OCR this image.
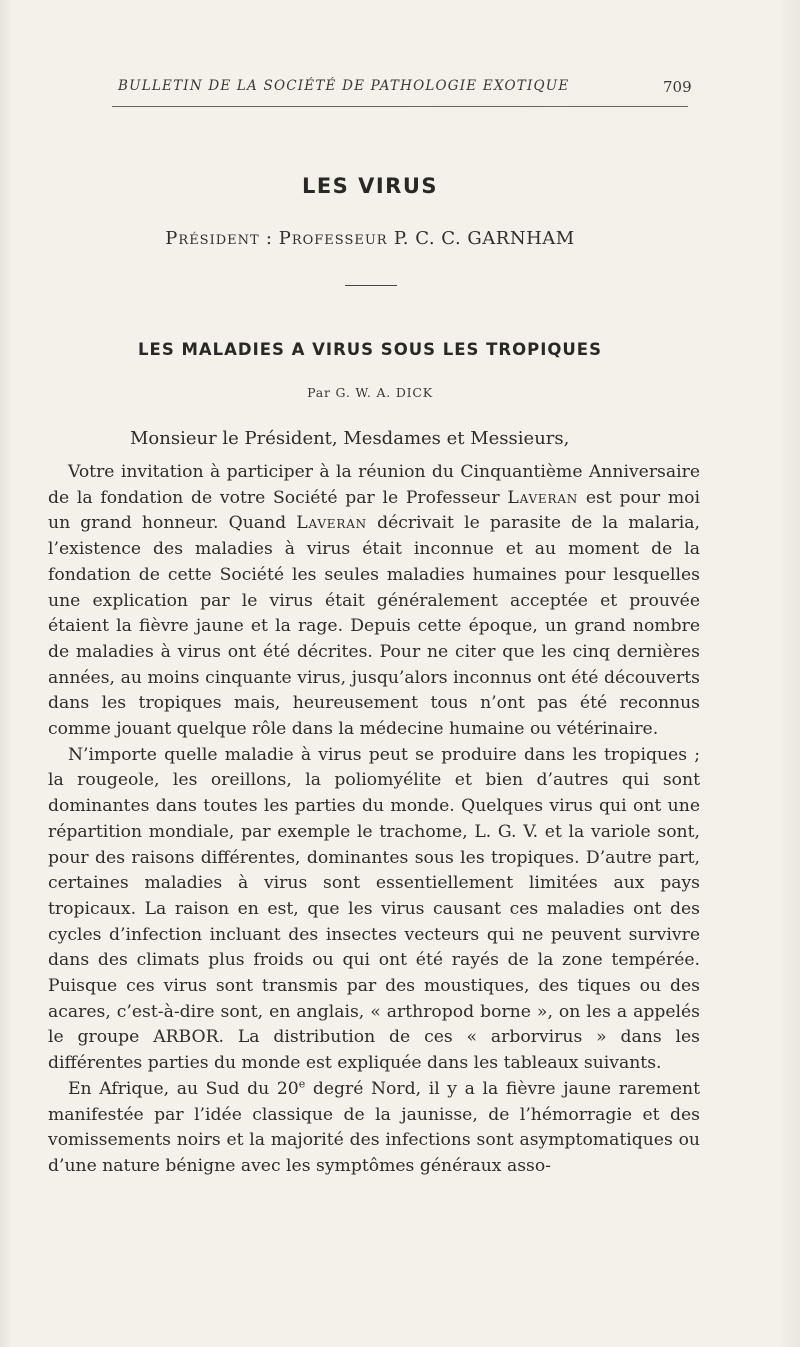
BULLETIN DE LA SOCIÉTÉ DE PATHOLOGIE EXOTIQUE	709
LES VIRUS
Président : Professeur P. C. C. GARNHAM
LES MALADIES A VIRUS SOUS LES TROPIQUES
Par G. W. A. DICK
Monsieur le Président, Mesdames et Messieurs,

Votre invitation à participer à la réunion du Cinquantième Anniversaire de la fondation de votre Société par le Professeur Laveran est pour moi un grand honneur. Quand Laveran décrivait le parasite de la malaria, l’existence des maladies à virus était inconnue et au moment de la fondation de cette Société les seules maladies humaines pour lesquelles une explication par le virus était généralement acceptée et prouvée étaient la fièvre jaune et la rage. Depuis cette époque, un grand nombre de maladies à virus ont été décrites. Pour ne citer que les cinq dernières années, au moins cinquante virus, jusqu’alors inconnus ont été découverts dans les tropiques mais, heureusement tous n’ont pas été reconnus comme jouant quelque rôle dans la médecine humaine ou vétérinaire.

N’importe quelle maladie à virus peut se produire dans les tropiques ; la rougeole, les oreillons, la poliomyélite et bien d’autres qui sont dominantes dans toutes les parties du monde. Quelques virus qui ont une répartition mondiale, par exemple le trachome, L. G. V. et la variole sont, pour des raisons différentes, dominantes sous les tropiques. D’autre part, certaines maladies à virus sont essentiellement limitées aux pays tropicaux. La raison en est, que les virus causant ces maladies ont des cycles d’infection incluant des insectes vecteurs qui ne peuvent survivre dans des climats plus froids ou qui ont été rayés de la zone tempérée. Puisque ces virus sont transmis par des moustiques, des tiques ou des acares, c’est-à-dire sont, en anglais, « arthropod borne », on les a appelés le groupe ARBOR. La distribution de ces « arborvirus » dans les différentes parties du monde est expliquée dans les tableaux suivants.

En Afrique, au Sud du 20e degré Nord, il y a la fièvre jaune rarement manifestée par l’idée classique de la jaunisse, de l’hémorragie et des vomissements noirs et la majorité des infections sont asymptomatiques ou d’une nature bénigne avec les symptômes généraux asso-
